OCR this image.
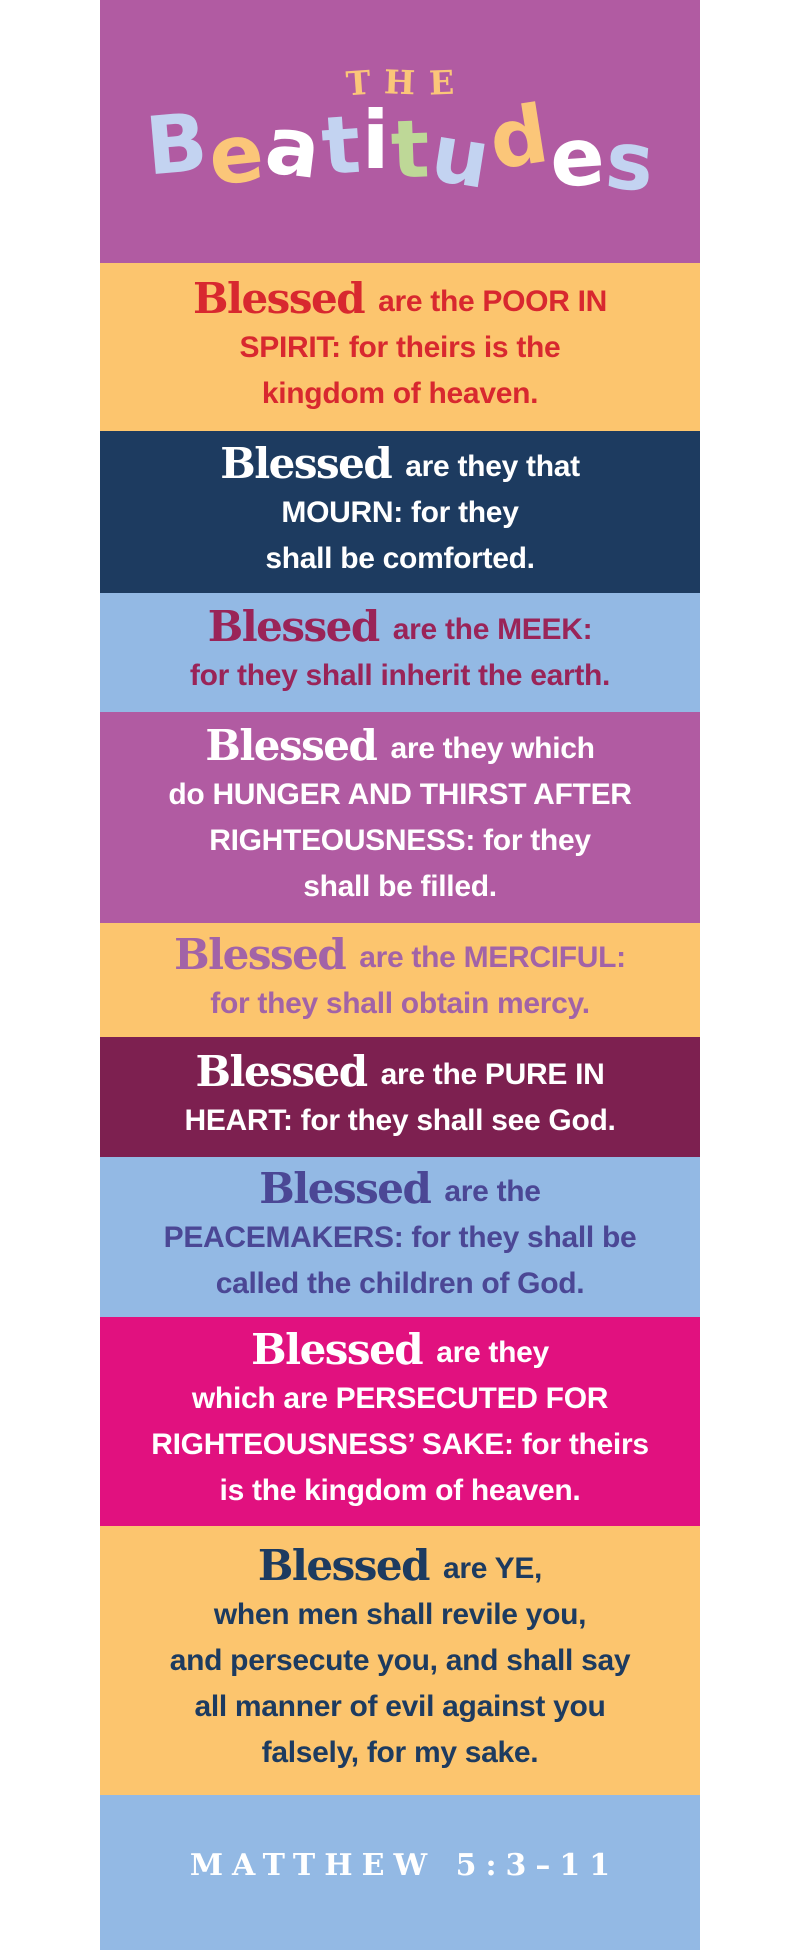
THE
Beatitudes
Blessed are the POOR IN
SPIRIT: for theirs is the
kingdom of heaven.
Blessed are they that
MOURN: for they
shall be comforted.
Blessed are the MEEK:
for they shall inherit the earth.
Blessed are they which
do HUNGER AND THIRST AFTER
RIGHTEOUSNESS: for they
shall be filled.
Blessed are the MERCIFUL:
for they shall obtain mercy.
Blessed are the PURE IN
HEART: for they shall see God.
Blessed are the
PEACEMAKERS: for they shall be
called the children of God.
Blessed are they
which are PERSECUTED FOR
RIGHTEOUSNESS’ SAKE: for theirs
is the kingdom of heaven.
Blessed are YE,
when men shall revile you,
and persecute you, and shall say
all manner of evil against you
falsely, for my sake.
MATTHEW 5:3–11
